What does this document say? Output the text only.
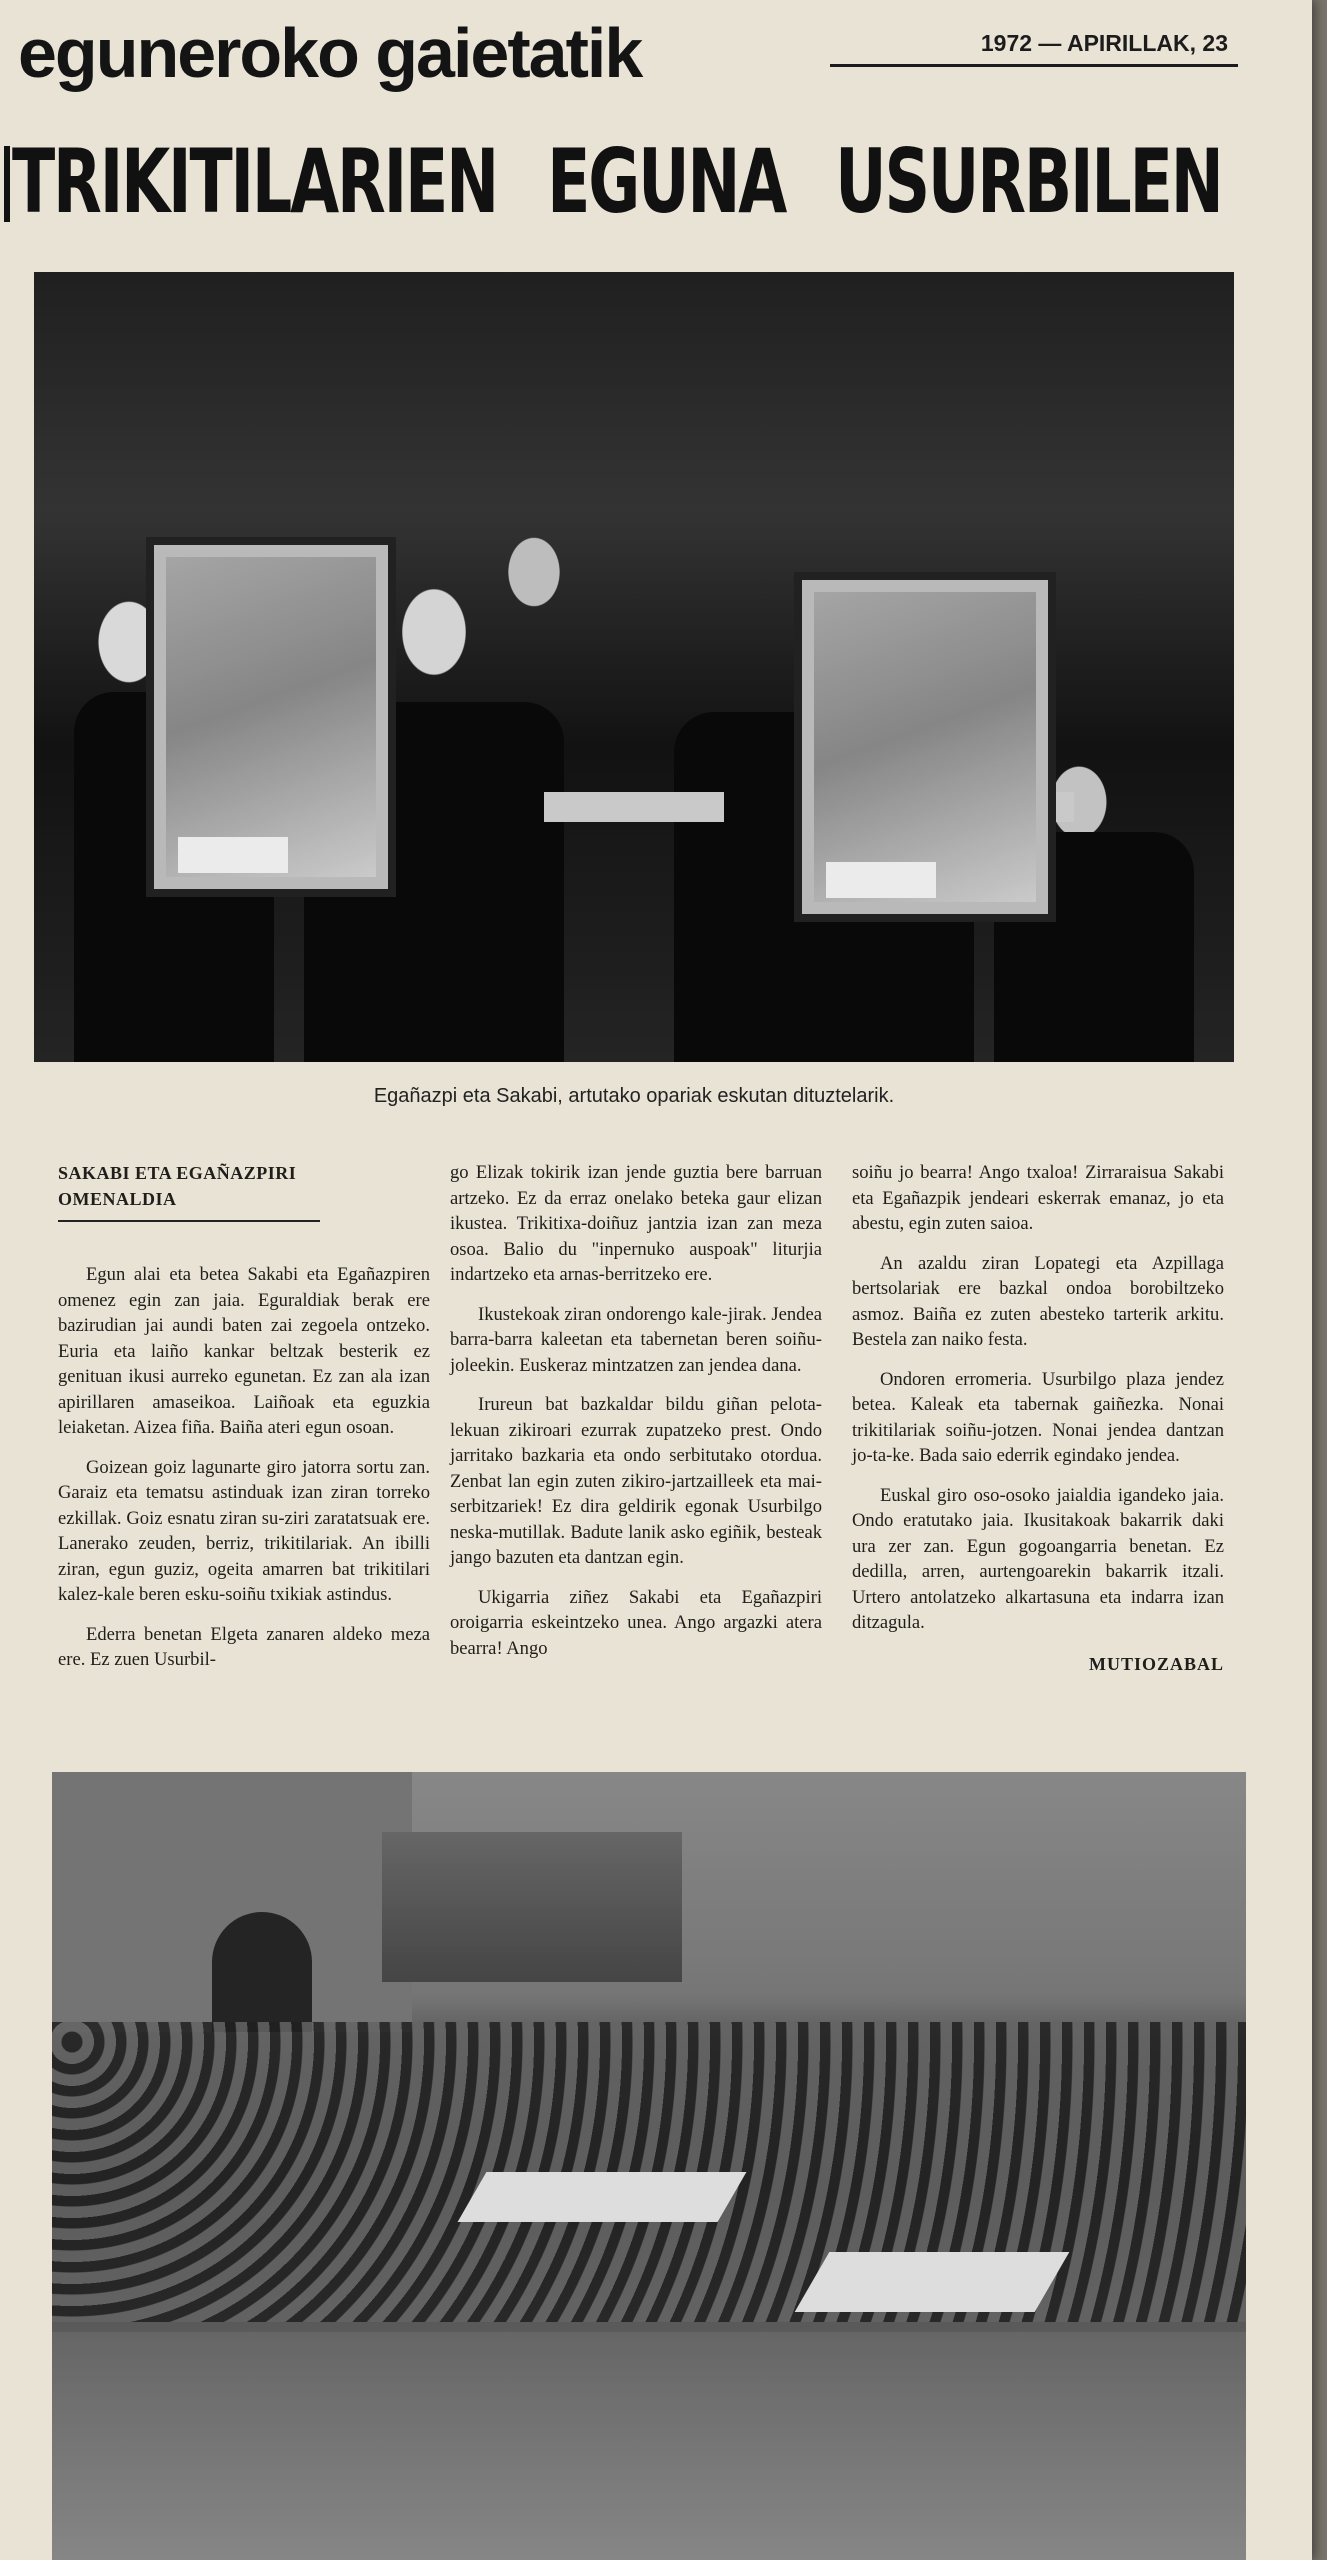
eguneroko gaietatik	1972 — APIRILLAK, 23
TRIKITILARIEN EGUNA USURBILEN
Egañazpi eta Sakabi, artutako opariak eskutan dituztelarik.
SAKABI ETA EGAÑAZPIRI
OMENALDIA

Egun alai eta betea Sakabi eta Egañazpiren omenez egin zan jaia. Eguraldiak berak ere bazirudian jai aundi baten zai zegoela ontzeko. Euria eta laiño kankar beltzak besterik ez genituan ikusi aurreko egunetan. Ez zan ala izan apirillaren amaseikoa. Laiñoak eta eguzkia leiaketan. Aizea fiña. Baiña ateri egun osoan.

Goizean goiz lagunarte giro jatorra sortu zan. Garaiz eta tematsu astinduak izan ziran torreko ezkillak. Goiz esnatu ziran su-ziri zaratatsuak ere. Lanerako zeuden, berriz, trikitilariak. An ibilli ziran, egun guziz, ogeita amarren bat trikitilari kalez-kale beren esku-soiñu txikiak astindus.

Ederra benetan Elgeta zanaren aldeko meza ere. Ez zuen Usurbil-

go Elizak tokirik izan jende guztia bere barruan artzeko. Ez da erraz onelako beteka gaur elizan ikustea. Trikitixa-doiñuz jantzia izan zan meza osoa. Balio du "inpernuko auspoak" liturjia indartzeko eta arnas-berritzeko ere.

Ikustekoak ziran ondorengo kale-jirak. Jendea barra-barra kaleetan eta tabernetan beren soiñu-joleekin. Euskeraz mintzatzen zan jendea dana.

Irureun bat bazkaldar bildu giñan pelota-lekuan zikiroari ezurrak zupatzeko prest. Ondo jarritako bazkaria eta ondo serbitutako otordua. Zenbat lan egin zuten zikiro-jartzailleek eta mai-serbitzariek! Ez dira geldirik egonak Usurbilgo neska-mutillak. Badute lanik asko egiñik, besteak jango bazuten eta dantzan egin.

Ukigarria ziñez Sakabi eta Egañazpiri oroigarria eskeintzeko unea. Ango argazki atera bearra! Ango

soiñu jo bearra! Ango txaloa! Zirraraisua Sakabi eta Egañazpik jendeari eskerrak emanaz, jo eta abestu, egin zuten saioa.

An azaldu ziran Lopategi eta Azpillaga bertsolariak ere bazkal ondoa borobiltzeko asmoz. Baiña ez zuten abesteko tarterik arkitu. Bestela zan naiko festa.

Ondoren erromeria. Usurbilgo plaza jendez betea. Kaleak eta tabernak gaiñezka. Nonai trikitilariak soiñu-jotzen. Nonai jendea dantzan jo-ta-ke. Bada saio ederrik egindako jendea.

Euskal giro oso-osoko jaialdia igandeko jaia. Ondo eratutako jaia. Ikusitakoak bakarrik daki ura zer zan. Egun gogoangarria benetan. Ez dedilla, arren, aurtengoarekin bakarrik itzali. Urtero antolatzeko alkartasuna eta indarra izan ditzagula.

MUTIOZABAL
